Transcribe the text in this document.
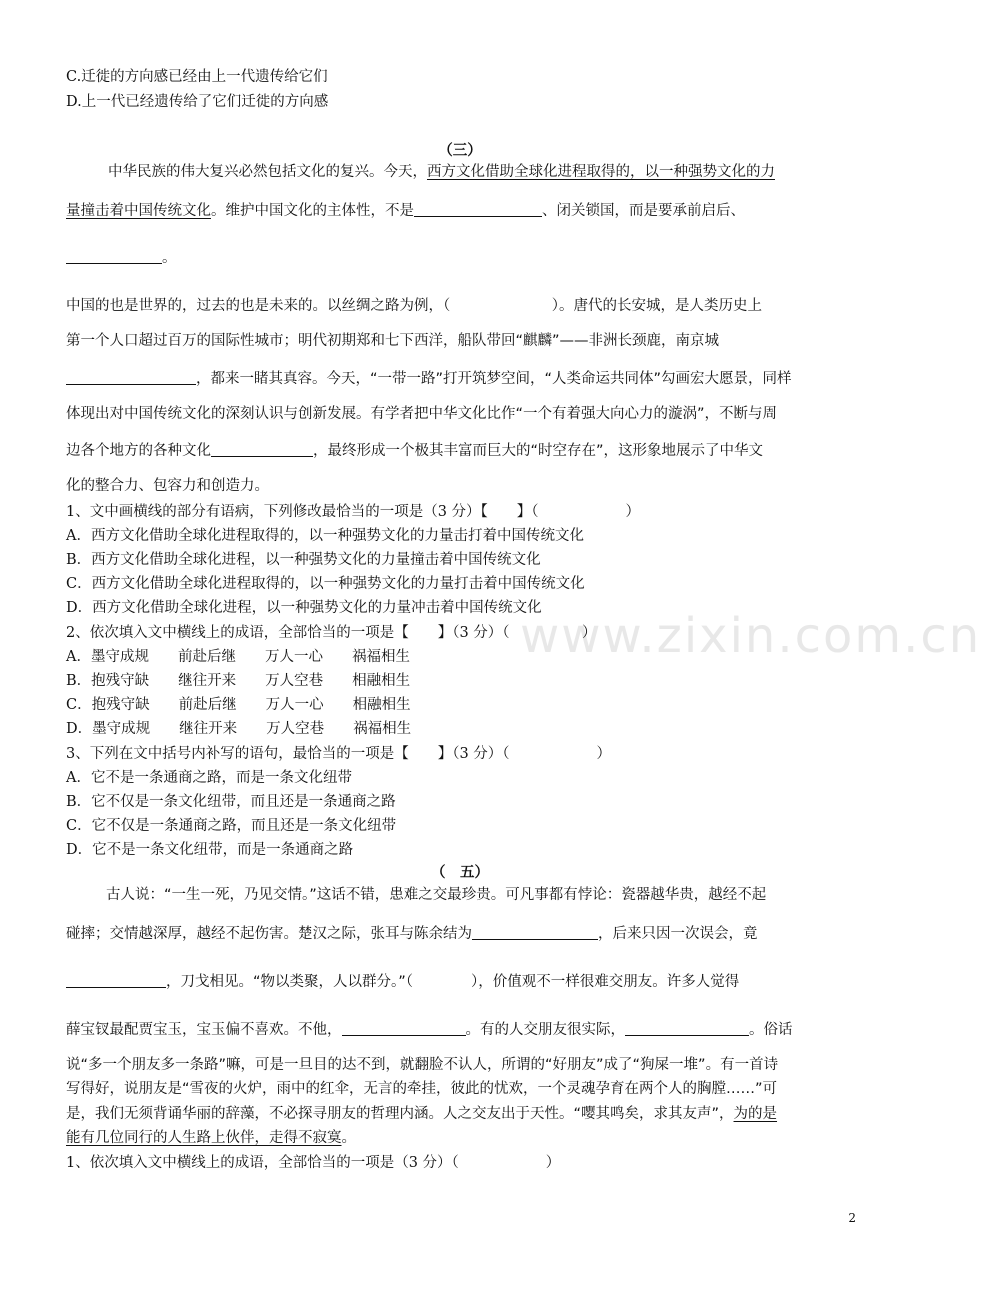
www.zixin.com.cn
C.迁徙的方向感已经由上一代遗传给它们
D.上一代已经遗传给了它们迁徙的方向感
（三）
中华民族的伟大复兴必然包括文化的复兴。今天，西方文化借助全球化进程取得的，以一种强势文化的力
量撞击着中国传统文化。维护中国文化的主体性，不是	、闭关锁国，而是要承前启后、
。
中国的也是世界的，过去的也是未来的。以丝绸之路为例，（　　　　　　　）。唐代的长安城，是人类历史上
第一个人口超过百万的国际性城市；明代初期郑和七下西洋，船队带回“麒麟”——非洲长颈鹿，南京城
，都来一睹其真容。今天，“一带一路”打开筑梦空间，“人类命运共同体”勾画宏大愿景，同样
体现出对中国传统文化的深刻认识与创新发展。有学者把中华文化比作“一个有着强大向心力的漩涡”，不断与周
边各个地方的各种文化	，最终形成一个极其丰富而巨大的“时空存在”，这形象地展示了中华文
化的整合力、包容力和创造力。
1、文中画横线的部分有语病，下列修改最恰当的一项是（3 分）【　　】（　　　　　　）
A．西方文化借助全球化进程取得的，以一种强势文化的力量击打着中国传统文化
B．西方文化借助全球化进程，以一种强势文化的力量撞击着中国传统文化
C．西方文化借助全球化进程取得的，以一种强势文化的力量打击着中国传统文化
D．西方文化借助全球化进程，以一种强势文化的力量冲击着中国传统文化
2、依次填入文中横线上的成语，全部恰当的一项是【　　】（3 分）（　　　　　）
A．墨守成规　　前赴后继　　万人一心　　祸福相生
B．抱残守缺　　继往开来　　万人空巷　　相融相生
C．抱残守缺　　前赴后继　　万人一心　　相融相生
D．墨守成规　　继往开来　　万人空巷　　祸福相生
3、下列在文中括号内补写的语句，最恰当的一项是【　　】（3 分）（　　　　　　）
A．它不是一条通商之路，而是一条文化纽带
B．它不仅是一条文化纽带，而且还是一条通商之路
C．它不仅是一条通商之路，而且还是一条文化纽带
D．它不是一条文化纽带，而是一条通商之路
（　五）
古人说：“一生一死，乃见交情。”这话不错，患难之交最珍贵。可凡事都有悖论：瓷器越华贵，越经不起
碰摔；交情越深厚，越经不起伤害。楚汉之际，张耳与陈余结为	，后来只因一次误会，竟
，刀戈相见。“物以类聚，人以群分。”（　　　　），价值观不一样很难交朋友。许多人觉得
薛宝钗最配贾宝玉，宝玉偏不喜欢。不他，	。有的人交朋友很实际，	。俗话
说“多一个朋友多一条路”嘛，可是一旦目的达不到，就翻脸不认人，所谓的“好朋友”成了“狗屎一堆”。有一首诗
写得好，说朋友是“雪夜的火炉，雨中的红伞，无言的牵挂，彼此的忧欢，一个灵魂孕育在两个人的胸膛……”可
是，我们无须背诵华丽的辞藻，不必探寻朋友的哲理内涵。人之交友出于天性。“嘤其鸣矣，求其友声”，为的是
能有几位同行的人生路上伙伴，走得不寂寞。
1、依次填入文中横线上的成语，全部恰当的一项是（3 分）（　　　　　　）
2
